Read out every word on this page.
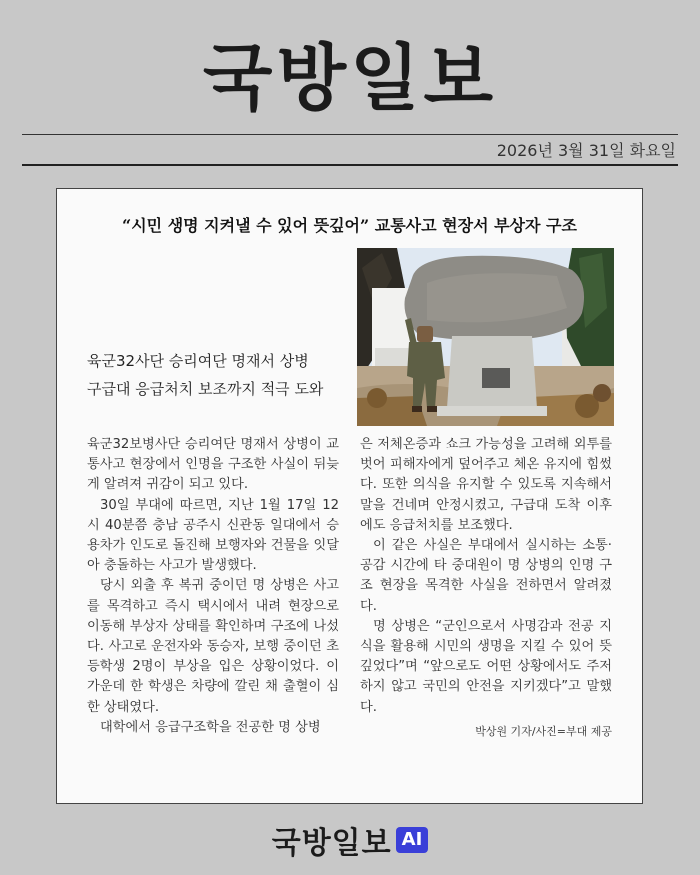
국방일보
2026년 3월 31일 화요일
“시민 생명 지켜낼 수 있어 뜻깊어” 교통사고 현장서 부상자 구조
육군32사단 승리여단 명재서 상병
구급대 응급처치 보조까지 적극 도와

육군32보병사단 승리여단 명재서 상병이 교통사고 현장에서 인명을 구조한 사실이 뒤늦게 알려져 귀감이 되고 있다.

30일 부대에 따르면, 지난 1월 17일 12시 40분쯤 충남 공주시 신관동 일대에서 승용차가 인도로 돌진해 보행자와 건물을 잇달아 충돌하는 사고가 발생했다.

당시 외출 후 복귀 중이던 명 상병은 사고를 목격하고 즉시 택시에서 내려 현장으로 이동해 부상자 상태를 확인하며 구조에 나섰다. 사고로 운전자와 동승자, 보행 중이던 초등학생 2명이 부상을 입은 상황이었다. 이 가운데 한 학생은 차량에 깔린 채 출혈이 심한 상태였다.

대학에서 응급구조학을 전공한 명 상병

은 저체온증과 쇼크 가능성을 고려해 외투를 벗어 피해자에게 덮어주고 체온 유지에 힘썼다. 또한 의식을 유지할 수 있도록 지속해서 말을 건네며 안정시켰고, 구급대 도착 이후에도 응급처치를 보조했다.

이 같은 사실은 부대에서 실시하는 소통·공감 시간에 타 중대원이 명 상병의 인명 구조 현장을 목격한 사실을 전하면서 알려졌다.

명 상병은 “군인으로서 사명감과 전공 지식을 활용해 시민의 생명을 지킬 수 있어 뜻깊었다”며 “앞으로도 어떤 상황에서도 주저하지 않고 국민의 안전을 지키겠다”고 말했다.

박상원 기자/사진=부대 제공
국방일보 AI
